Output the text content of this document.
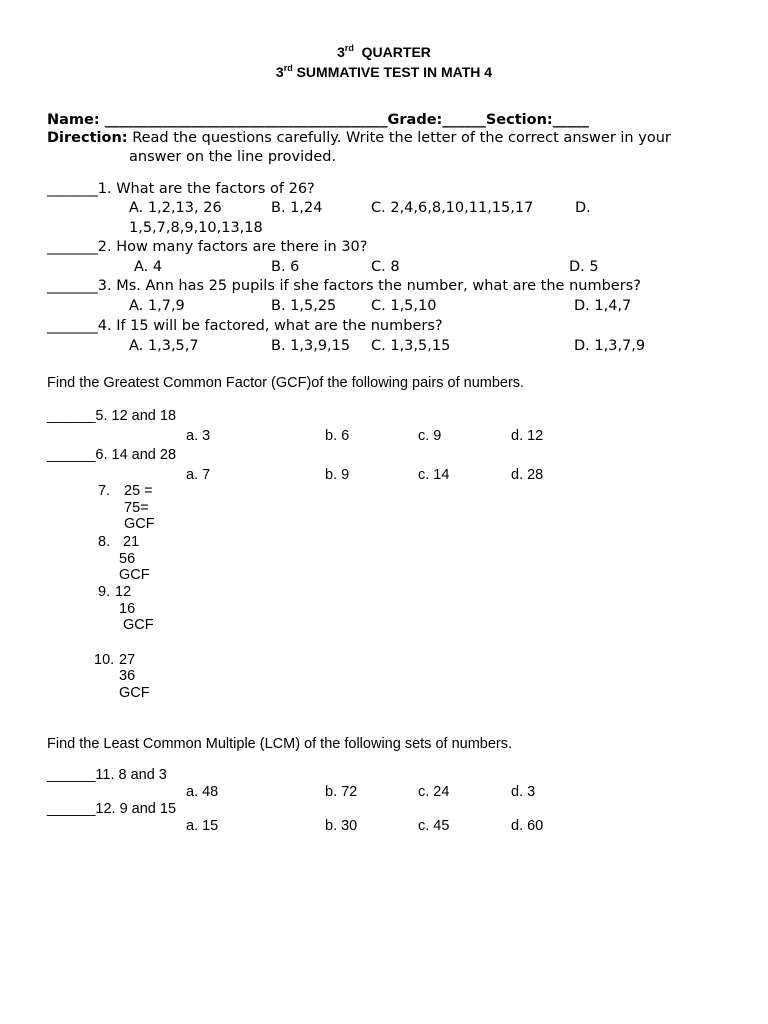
3rd QUARTER
3rd SUMMATIVE TEST IN MATH 4
Name: _______________________________________Grade:______Section:_____
Direction: Read the questions carefully. Write the letter of the correct answer in your
answer on the line provided.
_______1. What are the factors of 26?
A. 1,2,13, 26	B. 1,24	C. 2,4,6,8,10,11,15,17	D.
1,5,7,8,9,10,13,18
_______2. How many factors are there in 30?
A. 4	B. 6	C. 8	D. 5
_______3. Ms. Ann has 25 pupils if she factors the number, what are the numbers?
A. 1,7,9	B. 1,5,25 C. 1,5,10	D. 1,4,7
_______4. If 15 will be factored, what are the numbers?
A. 1,3,5,7	B. 1,3,9,15 C. 1,3,5,15	D. 1,3,7,9
Find the Greatest Common Factor (GCF)of the following pairs of numbers.
______5. 12 and 18
a. 3	b. 6	c. 9	d. 12
______6. 14 and 28
a. 7	b. 9	c. 14	d. 28
7. 25 =
75=
GCF
8. 21
56
GCF
9. 12
16
GCF
10. 27
36
GCF
Find the Least Common Multiple (LCM) of the following sets of numbers.
______11. 8 and 3
a. 48	b. 72	c. 24	d. 3
______12. 9 and 15
a. 15	b. 30	c. 45	d. 60
